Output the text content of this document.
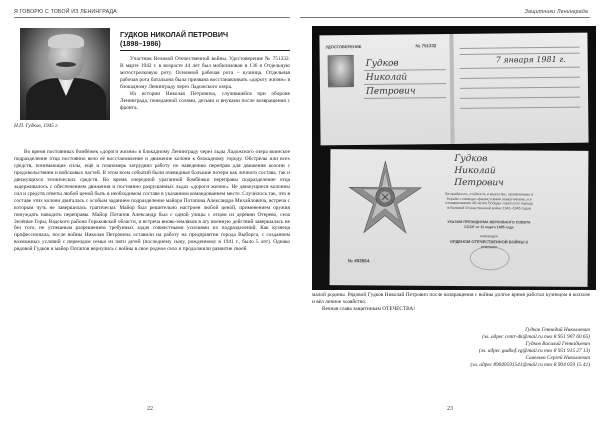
Я ГОВОРЮ С ТОБОЙ ИЗ ЛЕНИНГРАДА
Н.П. Гудков, 1945 г.
ГУДКОВ НИКОЛАЙ ПЕТРОВИЧ
(1898–1986)

Участник Великой Отечественной войны. Удостоверение № 751332. В марте 1942 г. в возрасте 44 лет был мобилизован в 136 я Отдельную мотострелковую роту. Основной рабочая рота – кузница. Отдельная рабочая рота батальона была призвана восстанавливать «дорогу жизни» в блокадному Ленинграду через Ладожского озера.

Из истории Николая Петровича, случившейся при обороне Ленинграда, понеданной солями, детьми и внуками после возвращения с фронта.

Во время постоянных бомбёжек «дороги жизни» в блокадному Ленинграду через льды Ладожского озера воинское подразделение отца постоянно вело её восстановление и движение колонн к блокадному городу. Обстрелы или всех средств, понимающие силы, ещё и планомерь затруднял работу по наведению переправ для движения колонн с продовольствием и войсковых частей. В этом всем событий были очевидные большие потери как личного состава, так и движущихся технических средств. Во время очередной ураганной бомбёжки переправы подразделение отца задерживалось с обеспечением движения и постоянно разрушаемых льдах «дороги жизни». Не движущиеся колонны сил и средств ответы любой ценой быть в необходимом составе в указанном командованием месте. Случилось так, что в составе этих колонн двигалась с особым заданием подразделение майора Потапова Александра Михайловича, встреча с которым чуть не завершилась трагически. Майор был решительно настроен любой ценой, применением оружия понуждать наводить переправы. Майор Потапов Александр был с одной улицы с отцом из деревни Отерево, села Зелёные Горы, Вадского района Горьковской области, и встреча вновь-земляков в ату военную действий завершалась не без того, не успешным разрешением требуемых задач совместными усилиями их подразделений. Как кузнеца профессионала, после войны Николая Петровича оставили на работу на предприятии города Выборга, с созданием возможных условий с переездом семьи из пяти детей (последнему сыну, рожденному в 1941 г., было 5 лет). Однако рядовой Гудков и майор Потапов вернулись с войны в свое родное село и продолжили развитие своей

22
Защитники Ленинграда
УДОСТОВЕРЕНИЕ	№ 751332
Гудков
Николай
Петрович
7 января 1981 г.
№ 492864
Гудков
Николай
Петрович
За храбрость, стойкость и мужество, проявленные в борьбе с немецко-фашистскими захватчиками, и в ознаменование 40-летия Победы советского народа в Великой Отечественной войне 1941–1945 годов
УКАЗОМ ПРЕЗИДИУМА ВЕРХОВНОГО СОВЕТА СССР от 11 марта 1985 года
награжден
ОРДЕНОМ ОТЕЧЕСТВЕННОЙ ВОЙНЫ II степени

малой родины. Рядовой Гудков Николай Петрович после возвращения с войны долгое время работал кузнецом в колхозе и вёл личное хозяйство.

Вечная слава защитникам ОТЕЧЕСТВА!

Гудков Геннадий Николаевич
(эл. адрес centr-dk@mail.ru тел 8 951 907 60 65)
Гудков Василий Геннадьевич
(эл. адрес gudkof.vg@mail.ru тел 8 951 915 27 13)
Савельев Сергей Николаевич
(эл. адрес 89040591541@mail.ru тел 8 904 059 15 41)
23
